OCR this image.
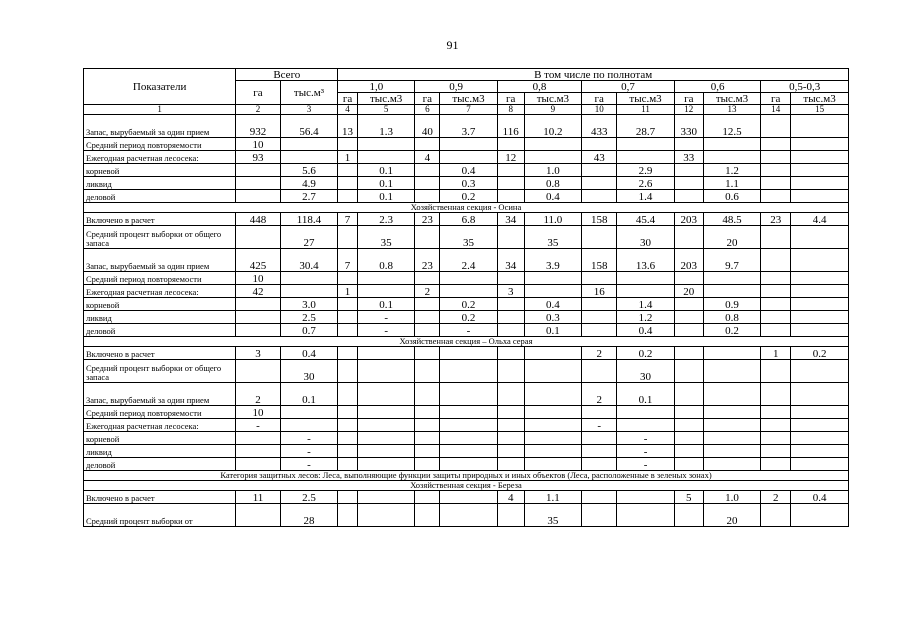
91
Показатели	Всего		В том числе по полнотам											
	га	тыс.м³	1,0		0,9		0,8		0,7		0,6		0,5-0,3	
			га	тыс.м3	га	тыс.м3	га	тыс.м3	га	тыс.м3	га	тыс.м3	га	тыс.м3
1	2	3	4	5	6	7	8	9	10	11	12	13	14	15
Запас, вырубаемый за один прием	932	56.4	13	1.3	40	3.7	116	10.2	433	28.7	330	12.5		
Средний период повторяемости	10													
Ежегодная расчетная лесосека:	93		1		4		12		43		33			
корневой		5.6		0.1		0.4		1.0		2.9		1.2		
ликвид		4.9		0.1		0.3		0.8		2.6		1.1		
деловой		2.7		0.1		0.2		0.4		1.4		0.6		
Хозяйственная секция - Осина														
Включено в расчет	448	118.4	7	2.3	23	6.8	34	11.0	158	45.4	203	48.5	23	4.4
Средний процент выборки от общего запаса		27		35		35		35		30		20		
Запас, вырубаемый за один прием	425	30.4	7	0.8	23	2.4	34	3.9	158	13.6	203	9.7		
Средний период повторяемости	10													
Ежегодная расчетная лесосека:	42		1		2		3		16		20			
корневой		3.0		0.1		0.2		0.4		1.4		0.9		
ликвид		2.5		-		0.2		0.3		1.2		0.8		
деловой		0.7		-		-		0.1		0.4		0.2		
Хозяйственная секция – Ольха серая														
Включено в расчет	3	0.4							2	0.2			1	0.2
Средний процент выборки от общего запаса		30								30				
Запас, вырубаемый за один прием	2	0.1							2	0.1				
Средний период повторяемости	10													
Ежегодная расчетная лесосека:	-								-					
корневой		-								-				
ликвид		-								-				
деловой		-								-				
Категория защитных лесов: Леса, выполняющие функции защиты природных и иных объектов (Леса, расположенные в зеленых зонах)														
Хозяйственная секция - Береза														
Включено в расчет	11	2.5					4	1.1			5	1.0	2	0.4
Средний процент выборки от		28						35				20		
